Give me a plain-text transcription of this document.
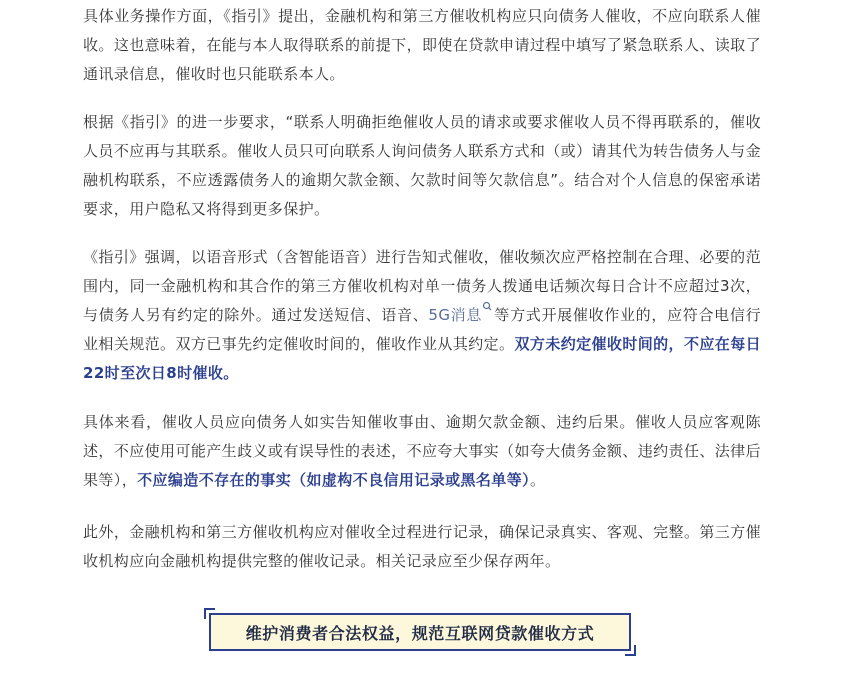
具体业务操作方面，《指引》提出，金融机构和第三方催收机构应只向债务人催收，不应向联系人催收。这也意味着，在能与本人取得联系的前提下，即使在贷款申请过程中填写了紧急联系人、读取了通讯录信息，催收时也只能联系本人。

根据《指引》的进一步要求，“联系人明确拒绝催收人员的请求或要求催收人员不得再联系的，催收人员不应再与其联系。催收人员只可向联系人询问债务人联系方式和（或）请其代为转告债务人与金融机构联系，不应透露债务人的逾期欠款金额、欠款时间等欠款信息”。结合对个人信息的保密承诺要求，用户隐私又将得到更多保护。

《指引》强调，以语音形式（含智能语音）进行告知式催收，催收频次应严格控制在合理、必要的范围内，同一金融机构和其合作的第三方催收机构对单一债务人拨通电话频次每日合计不应超过3次，与债务人另有约定的除外。通过发送短信、语音、5G消息 等方式开展催收作业的，应符合电信行业相关规范。双方已事先约定催收时间的，催收作业从其约定。双方未约定催收时间的，不应在每日22时至次日8时催收。

具体来看，催收人员应向债务人如实告知催收事由、逾期欠款金额、违约后果。催收人员应客观陈述，不应使用可能产生歧义或有误导性的表述，不应夸大事实（如夸大债务金额、违约责任、法律后果等），不应编造不存在的事实（如虚构不良信用记录或黑名单等）。

此外，金融机构和第三方催收机构应对催收全过程进行记录，确保记录真实、客观、完整。第三方催收机构应向金融机构提供完整的催收记录。相关记录应至少保存两年。

维护消费者合法权益，规范互联网贷款催收方式
